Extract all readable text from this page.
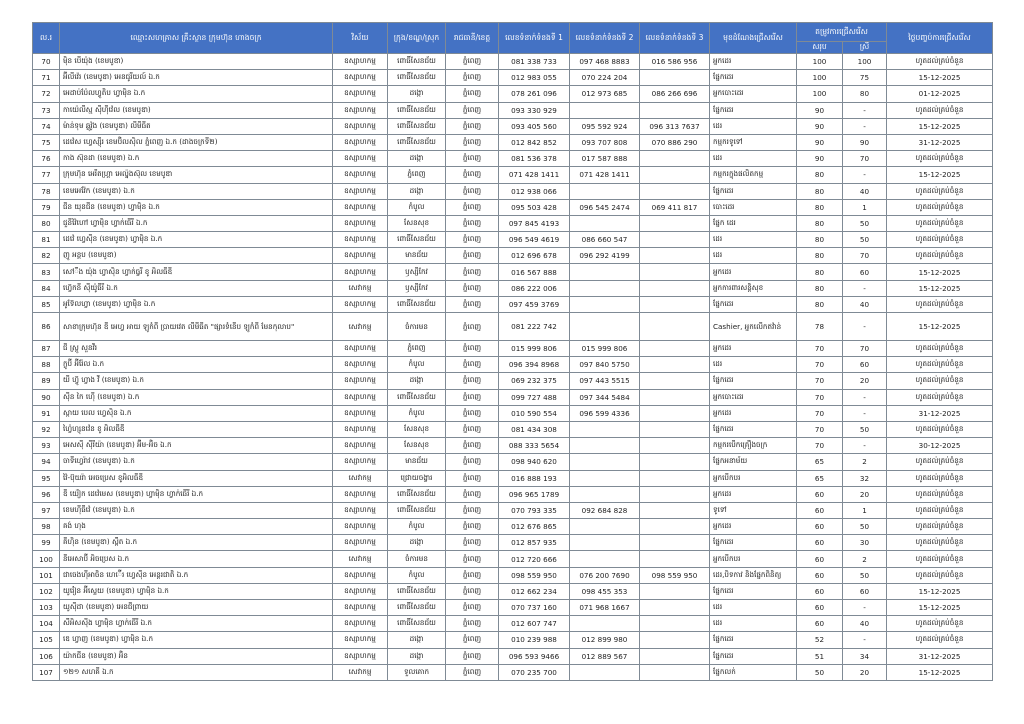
ល.រ	ឈ្មោះសហគ្រាស គ្រឹះស្ថាន ក្រុមហ៊ុន ហាងចក្រ	វិស័យ	ក្រុង/ខណ្ឌ/ស្រុក	រាជធានី/ខេត្ត	លេខទំនាក់ទំនងទី 1	លេខទំនាក់ទំនងទី 2	លេខទំនាក់ទំនងទី 3	មុខដំណែងជ្រើសរើស	តម្រូវការជ្រើសរើស		ថ្ងៃបញ្ចប់ការជ្រើសរើស
									សរុប	ស្រី	
70	ម៉ិន បើយ៉ុង (ខេមបូឌា)	ឧស្សាហកម្ម	ពោធិ៍សែនជ័យ	ភ្នំពេញ	081 338 733	097 468 8883	016 586 956	អ្នកដេរ	100	100	ហូតដល់គ្រប់ចំនួន
71	អ៊ីលីវ៉េរ (ខេមបូឌា) អេនជូរីយល៍ ឯ.ក	ឧស្សាហកម្ម	ពោធិ៍សែនជ័យ	ភ្នំពេញ	012 983 055	070 224 204		ផ្នែកដេរ	100	75	15-12-2025
72	អេដាប់ប៉ែលហ្វូតិប ហ្វាម៉ិន ឯ.ក	ឧស្សាហកម្ម	ដង្កោ	ភ្នំពេញ	078 261 096	012 973 685	086 266 696	អ្នកបោះដេរ	100	80	01-12-2025
73	កាយ៉េលីស្ម ស៊ីហ៊ីវ៉េល (ខេមបូឌា)	ឧស្សាហកម្ម	ពោធិ៍សែនជ័យ	ភ្នំពេញ	093 330 929			ផ្នែកដេរ	90	-	ហូតដល់គ្រប់ចំនួន
74	ម៉ាន់ទុម ឆ្លុវ៉ូង (ខេមបូឌា) លីមីធីត	ឧស្សាហកម្ម	ពោធិ៍សែនជ័យ	ភ្នំពេញ	093 405 560	095 592 924	096 313 7637	ដេរ	90	-	15-12-2025
75	ដេវ៉េស ហ្វេស្ស៊ីរ ខេមប៊ិលស៊ិល ភ្នំពេញ ឯ.ក (ដាងចក្រទី២)	ឧស្សាហកម្ម	ពោធិ៍សែនជ័យ	ភ្នំពេញ	012 842 852	093 707 808	070 886 290	កម្មករទូទៅ	90	90	31-12-2025
76	កាង ស៊ុនដា (ខេមបូឌា) ឯ.ក	ឧស្សាហកម្ម	ដង្កោ	ភ្នំពេញ	081 536 378	017 587 888		ដេរ	90	70	ហូតដល់គ្រប់ចំនួន
77	ក្រុមហ៊ុន អេរីតហ្គ្រា អេល្វ៉ុងស៊ុល ខេមបូឌា	ឧស្សាហកម្ម	ភ្នំពេញ	ភ្នំពេញ	071 428 1411	071 428 1411		កម្មករក្នុងផលិតកម្ម	80	-	15-12-2025
78	ខេមអេវ៉ែក (ខេមបូឌា) ឯ.ក	ឧស្សាហកម្ម	ដង្កោ	ភ្នំពេញ	012 938 066			ផ្នែកដេរ	80	40	ហូតដល់គ្រប់ចំនួន
79	ជីន យុនជីន (ខេមបូឌា) ហ្វាម៉ិន ឯ.ក	ឧស្សាហកម្ម	កំបូល	ភ្នំពេញ	095 503 428	096 545 2474	069 411 817	បោះដេរ	80	1	ហូតដល់គ្រប់ចំនួន
80	ជួនីវ៉ៃហៅ ហ្វាម៉ិន ហ្វាក់ធើរី ឯ.ក	ឧស្សាហកម្ម	សែនសុខ	ភ្នំពេញ	097 845 4193			ផ្នែក ដេរ	80	50	ហូតដល់គ្រប់ចំនួន
81	ដេវ៉េ ហ្វេស៊ីន (ខេមបូឌា) ហ្វាម៉ិន ឯ.ក	ឧស្សាហកម្ម	ពោធិ៍សែនជ័យ	ភ្នំពេញ	096 549 4619	086 660 547		ដេរ	80	50	ហូតដល់គ្រប់ចំនួន
82	ញូ អន្តប (ខេមបូឌា)	ឧស្សាហកម្ម	មានជ័យ	ភ្នំពេញ	012 696 678	096 292 4199		ដេរ	80	70	ហូតដល់គ្រប់ចំនួន
83	សៅឹង យ៉ុង ហ្វាស៊ិន ហ្វាក់ធ្វរី ខូ អិលធីឌី	ឧស្សាហកម្ម	ឫស្សីកែវ	ភ្នំពេញ	016 567 888			អ្នកដេរ	80	60	15-12-2025
84	ហ៊្វេកនី ស៊ីយ៉ូធីរី ឯ.ក	សេវាកម្ម	ឫស្សីកែវ	ភ្នំពេញ	086 222 006			អ្នកការពារសន្តិសុខ	80	-	15-12-2025
85	អូទ៊ែលហ្វា (ខេមបូឌា) ហ្វាម៉ិន ឯ.ក	ឧស្សាហកម្ម	ពោធិ៍សែនជ័យ	ភ្នំពេញ	097 459 3769			ផ្នែកដេរ	80	40	ហូតដល់គ្រប់ចំនួន
86	សាខាក្រុមហ៊ុន ឌី អេហ្វ អាយ ឡូកំពី ប្រាយវេត លីមីធីត "ផ្សារទំនើប ឡូកំពី មែនកុលាប"	សេវាកម្ម	ចំការមន	ភ្នំពេញ	081 222 742			Cashier, អ្នកលើកឥវ៉ាន់	78	-	15-12-2025
87	ជី ស្ត្រូ សួនវីរ	ឧស្សាហកម្ម	ភ្នំពេញ	ភ្នំពេញ	015 999 806	015 999 806		អ្នកដេរ	70	70	ហូតដល់គ្រប់ចំនួន
88	ក្លូប៊ី អ៊ីរ៉ែល ឯ.ក	ឧស្សាហកម្ម	កំបូល	ភ្នំពេញ	096 394 8968	097 840 5750		ដេរ	70	60	ហូតដល់គ្រប់ចំនួន
89	យី ហ៊្វូ ហ្វាង វី (ខេមបូឌា) ឯ.ក	ឧស្សាហកម្ម	ដង្កោ	ភ្នំពេញ	069 232 375	097 443 5515		ផ្នែកដេរ	70	20	ហូតដល់គ្រប់ចំនួន
90	ស៊ីន កៃ ហ៊ើ (ខេមបូឌា) ឯ.ក	ឧស្សាហកម្ម	ពោធិ៍សែនជ័យ	ភ្នំពេញ	099 727 488	097 344 5484		អ្នកបោះដេរ	70	-	ហូតដល់គ្រប់ចំនួន
91	ស្កាយ បេល ហ្វេស៊ិន ឯ.ក	ឧស្សាហកម្ម	កំបូល	ភ្នំពេញ	010 590 554	096 599 4336		អ្នកដេរ	70	-	31-12-2025
92	ហ្វ៉ៃហ្សុនវ៉េន ខូ អិលធីឌី	ឧស្សាហកម្ម	សែនសុខ	ភ្នំពេញ	081 434 308			ផ្នែកដេរ	70	50	ហូតដល់គ្រប់ចំនួន
93	អេសស៊ី ស៊ីរីយ៉ា (ខេមបូឌា) អ៊ីម-អ៊ិច ឯ.ក	ឧស្សាហកម្ម	សែនសុខ	ភ្នំពេញ	088 333 5654			កម្មករបើកគ្រឿងចក្រ	70	-	30-12-2025
94	ចាទីហ្វេរ៉ាវ (ខេមបូឌា) ឯ.ក	ឧស្សាហកម្ម	មានជ័យ	ភ្នំពេញ	098 940 620			ផ្នែកអនាម័យ	65	2	ហូតដល់គ្រប់ចំនួន
95	វ៉ៃ-ប៊ុយរ៉ា អេចប្រេស ខូអិលធីឌី	សេវាកម្ម	ជ្រោយចង្វារ	ភ្នំពេញ	016 888 193			អ្នកបើកបរ	65	32	ហូតដល់គ្រប់ចំនួន
96	ឌី យ៉ៀក ដេវ៉េមេស (ខេមបូឌា) ហ្វាម៉ិន ហ្វាក់ធើរី ឯ.ក	ឧស្សាហកម្ម	ពោធិ៍សែនជ័យ	ភ្នំពេញ	096 965 1789			អ្នកដេរ	60	20	ហូតដល់គ្រប់ចំនួន
97	ខេមហ៊ីធីវ៉េ (ខេមបូឌា) ឯ.ក	ឧស្សាហកម្ម	ពោធិ៍សែនជ័យ	ភ្នំពេញ	070 793 335	092 684 828		ទូទៅ	60	1	ហូតដល់គ្រប់ចំនួន
98	គង់ ហុង	ឧស្សាហកម្ម	កំបូល	ភ្នំពេញ	012 676 865			អ្នកដេរ	60	50	ហូតដល់គ្រប់ចំនួន
99	គីហ៊ិន (ខេមបូឌា) ស្ពឺត ឯ.ក	ឧស្សាហកម្ម	ដង្កោ	ភ្នំពេញ	012 857 935			ផ្នែកដេរ	60	30	ហូតដល់គ្រប់ចំនួន
100	នីអេសាប៊ី អិចប្រេស ឯ.ក	សេវាកម្ម	ចំការមន	ភ្នំពេញ	012 720 666			អ្នកបើកបរ	60	2	ហូតដល់គ្រប់ចំនួន
101	ជាចេងហ៊ីអាចិន ហេ៊ើរ ហ្វេស៊ីន អេន្តរជាតិ ឯ.ក	ឧស្សាហកម្ម	កំបូល	ភ្នំពេញ	098 559 950	076 200 7690	098 559 950	ដេរ,បិទកាវ និងផ្នែកពិនិត្យ	60	50	ហូតដល់គ្រប់ចំនួន
102	យូរ៉ៀន អ៊ីស្ទេយ (ខេមបូឌា) ហ្វាម៉ិន ឯ.ក	ឧស្សាហកម្ម	ពោធិ៍សែនជ័យ	ភ្នំពេញ	012 662 234	098 455 353		ផ្នែកដេរ	60	60	15-12-2025
103	យូស៊ីដា (ខេមបូឌា) អេនជីព្រាយ	ឧស្សាហកម្ម	ពោធិ៍សែនជ័យ	ភ្នំពេញ	070 737 160	071 968 1667		ដេរ	60	-	15-12-2025
104	សឺអិសស៊ីង ហ្វាម៉ិន ហ្វាក់ធើរី ឯ.ក	ឧស្សាហកម្ម	ពោធិ៍សែនជ័យ	ភ្នំពេញ	012 607 747			ដេរ	60	40	ហូតដល់គ្រប់ចំនួន
105	ឌេ ហ្វាញ (ខេមបូឌា) ហ្វាម៉ិន ឯ.ក	ឧស្សាហកម្ម	ដង្កោ	ភ្នំពេញ	010 239 988	012 899 980		ផ្នែកដេរ	52	-	ហូតដល់គ្រប់ចំនួន
106	យ៉ាកជីន (ខេមបូឌា) អ៊ិន	ឧស្សាហកម្ម	ដង្កោ	ភ្នំពេញ	096 593 9466	012 889 567		ផ្នែកដេរ	51	34	31-12-2025
107	១២១ សហគី ឯ.ក	សេវាកម្ម	ទួលគោក	ភ្នំពេញ	070 235 700			ផ្នែកលក់	50	20	15-12-2025
